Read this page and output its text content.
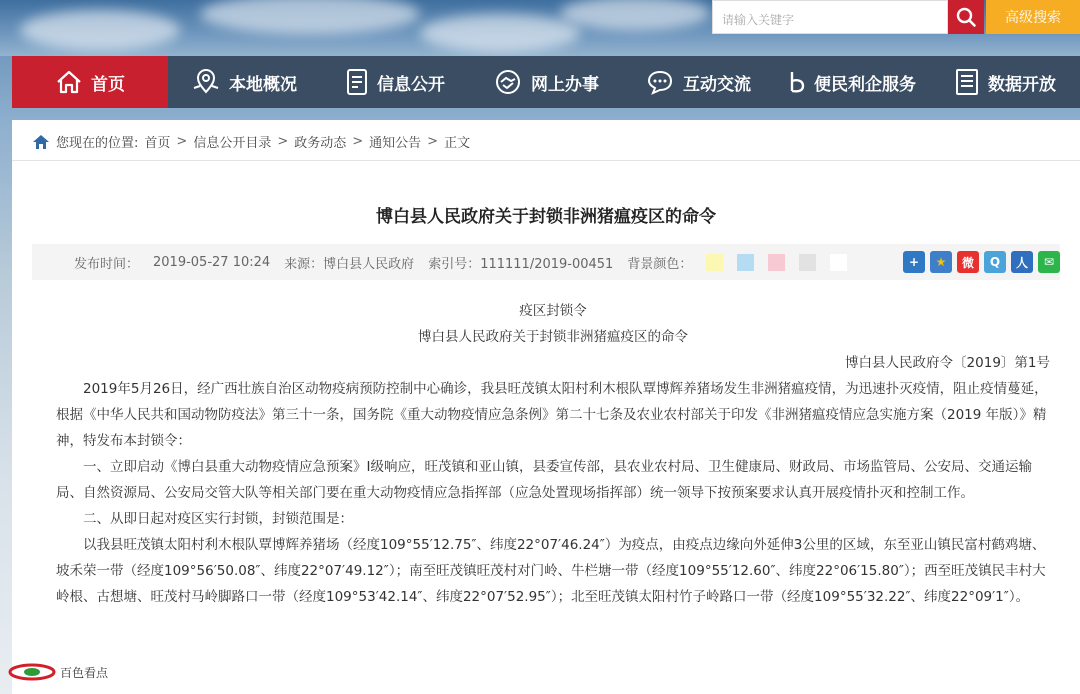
请输入关键字	高级搜索
首页	本地概况	信息公开	网上办事	互动交流	便民利企服务	数据开放
您现在的位置: 首页 > 信息公开目录 > 政务动态 > 通知公告 > 正文
博白县人民政府关于封锁非洲猪瘟疫区的命令
发布时间： 2019-05-27 10:24 来源：博白县人民政府 索引号：111111/2019-00451 背景颜色：	+	★	微	Q	人	✉
疫区封锁令
博白县人民政府关于封锁非洲猪瘟疫区的命令
博白县人民政府令〔2019〕第1号

2019年5月26日，经广西壮族自治区动物疫病预防控制中心确诊，我县旺茂镇太阳村利木根队覃博辉养猪场发生非洲猪瘟疫情，为迅速扑灭疫情，阻止疫情蔓延，根据《中华人民共和国动物防疫法》第三十一条，国务院《重大动物疫情应急条例》第二十七条及农业农村部关于印发《非洲猪瘟疫情应急实施方案（2019 年版）》精神，特发布本封锁令：

一、立即启动《博白县重大动物疫情应急预案》Ⅰ级响应，旺茂镇和亚山镇，县委宣传部，县农业农村局、卫生健康局、财政局、市场监管局、公安局、交通运输局、自然资源局、公安局交管大队等相关部门要在重大动物疫情应急指挥部（应急处置现场指挥部）统一领导下按预案要求认真开展疫情扑灭和控制工作。

二、从即日起对疫区实行封锁，封锁范围是：

以我县旺茂镇太阳村利木根队覃博辉养猪场（经度109°55′12.75″、纬度22°07′46.24″）为疫点，由疫点边缘向外延伸3公里的区域，东至亚山镇民富村鹤鸡塘、坡禾荣一带（经度109°56′50.08″、纬度22°07′49.12″）；南至旺茂镇旺茂村对门岭、牛栏塘一带（经度109°55′12.60″、纬度22°06′15.80″）；西至旺茂镇民丰村大岭根、古想塘、旺茂村马岭脚路口一带（经度109°53′42.14″、纬度22°07′52.95″）；北至旺茂镇太阳村竹子岭路口一带（经度109°55′32.22″、纬度22°09′1″）。

百色看点
